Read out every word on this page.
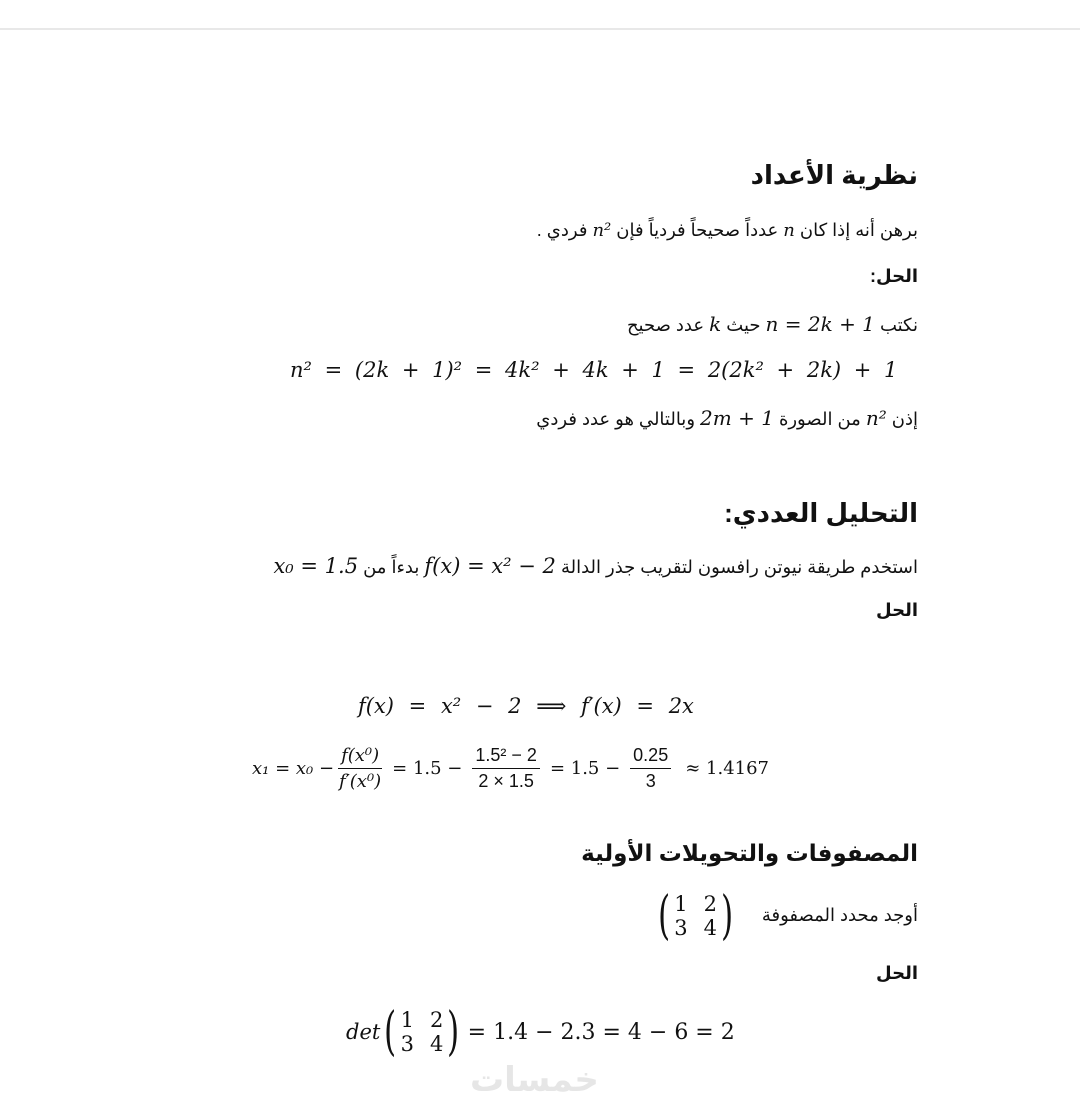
نظرية الأعداد
برهن أنه إذا كان n عدداً صحيحاً فردياً فإن n² فردي .
الحل:
نكتب n = 2k + 1 حيث k عدد صحيح
n² = (2k + 1)² = 4k² + 4k + 1 = 2(2k² + 2k) + 1
إذن n² من الصورة 2m + 1 وبالتالي هو عدد فردي
التحليل العددي:
استخدم طريقة نيوتن رافسون لتقريب جذر الدالة f(x) = x² − 2 بدءاً من x₀ = 1.5
الحل
f(x) = x² − 2 ⟹ f′(x) = 2x
$x_1 = x_0 - \frac{\text{f(x⁰)}}{\text{f′(x⁰)}} = 1.5 - \frac{\text{1.5² − 2}}{2 \times 1.5} = 1.5 - \frac{0.25}{3} \approx 1.4167$
المصفوفات والتحويلات الأولية
أوجد محدد المصفوفة
( 1 2
3 4 )
الحل
det ( 1 2
3 4 ) = 1.4 − 2.3 = 4 − 6 = 2
خمسات
